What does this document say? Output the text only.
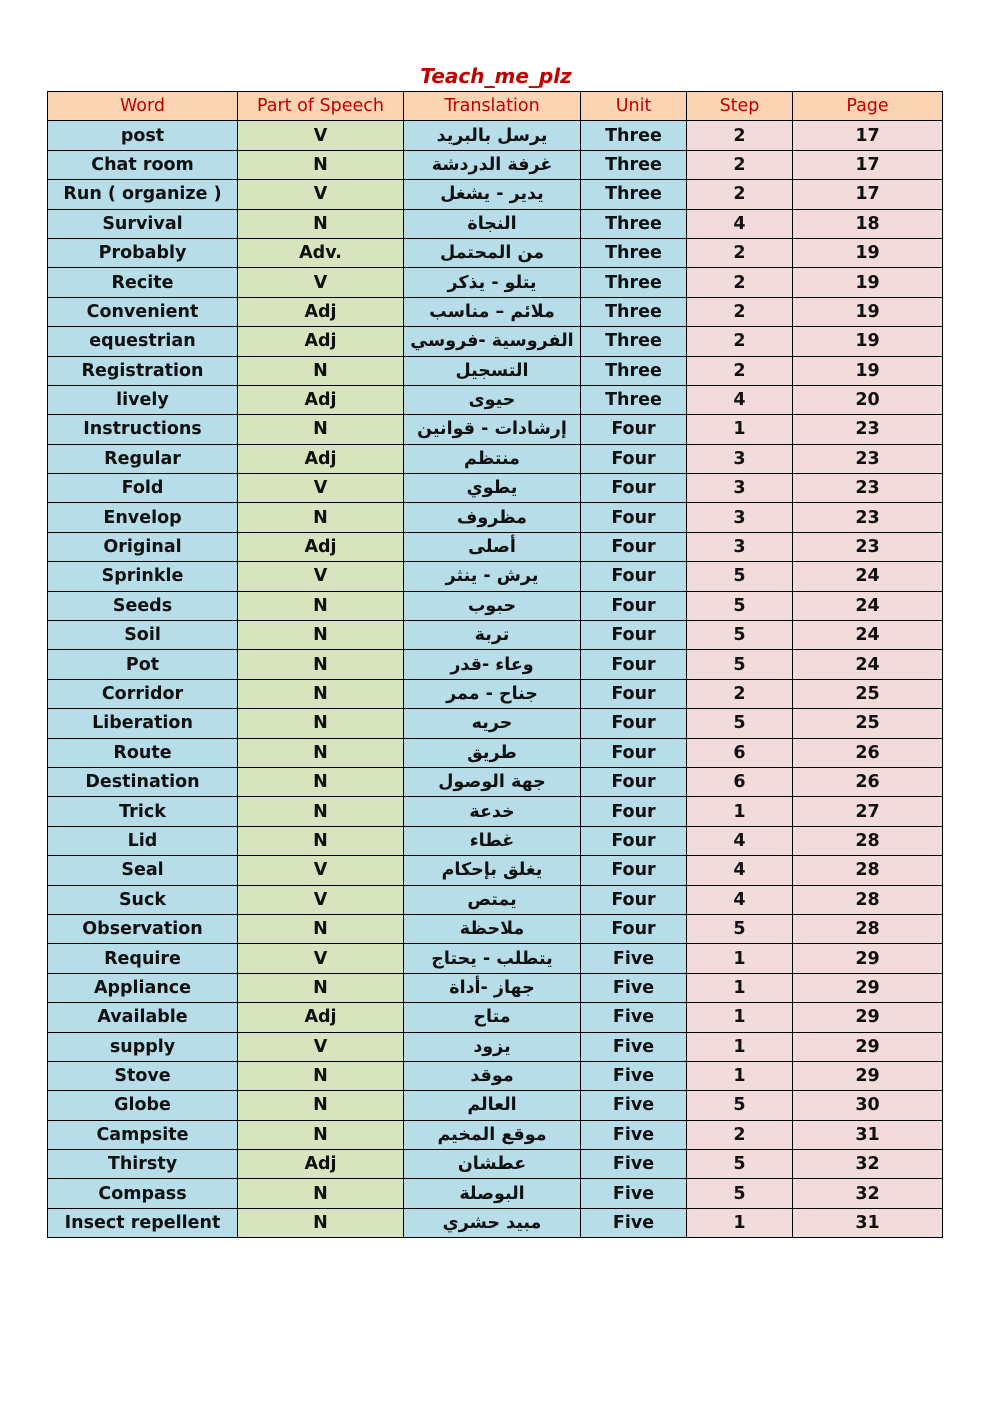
Teach_me_plz
Word	Part of Speech	Translation	Unit	Step	Page
post	V	يرسل بالبريد	Three	2	17
Chat room	N	غرفة الدردشة	Three	2	17
Run ( organize )	V	يدير - يشغل	Three	2	17
Survival	N	النجاة	Three	4	18
Probably	Adv.	من المحتمل	Three	2	19
Recite	V	يتلو - يذكر	Three	2	19
Convenient	Adj	ملائم – مناسب	Three	2	19
equestrian	Adj	الفروسية -فروسي	Three	2	19
Registration	N	التسجيل	Three	2	19
lively	Adj	حيوى	Three	4	20
Instructions	N	إرشادات - قوانين	Four	1	23
Regular	Adj	منتظم	Four	3	23
Fold	V	يطوي	Four	3	23
Envelop	N	مظروف	Four	3	23
Original	Adj	أصلى	Four	3	23
Sprinkle	V	يرش - ينثر	Four	5	24
Seeds	N	حبوب	Four	5	24
Soil	N	تربة	Four	5	24
Pot	N	وعاء -قدر	Four	5	24
Corridor	N	جناح - ممر	Four	2	25
Liberation	N	حريه	Four	5	25
Route	N	طريق	Four	6	26
Destination	N	جهة الوصول	Four	6	26
Trick	N	خدعة	Four	1	27
Lid	N	غطاء	Four	4	28
Seal	V	يغلق بإحكام	Four	4	28
Suck	V	يمتص	Four	4	28
Observation	N	ملاحظة	Four	5	28
Require	V	يتطلب - يحتاج	Five	1	29
Appliance	N	جهاز -أداة	Five	1	29
Available	Adj	متاح	Five	1	29
supply	V	يزود	Five	1	29
Stove	N	موقد	Five	1	29
Globe	N	العالم	Five	5	30
Campsite	N	موقع المخيم	Five	2	31
Thirsty	Adj	عطشان	Five	5	32
Compass	N	البوصلة	Five	5	32
Insect repellent	N	مبيد حشري	Five	1	31
